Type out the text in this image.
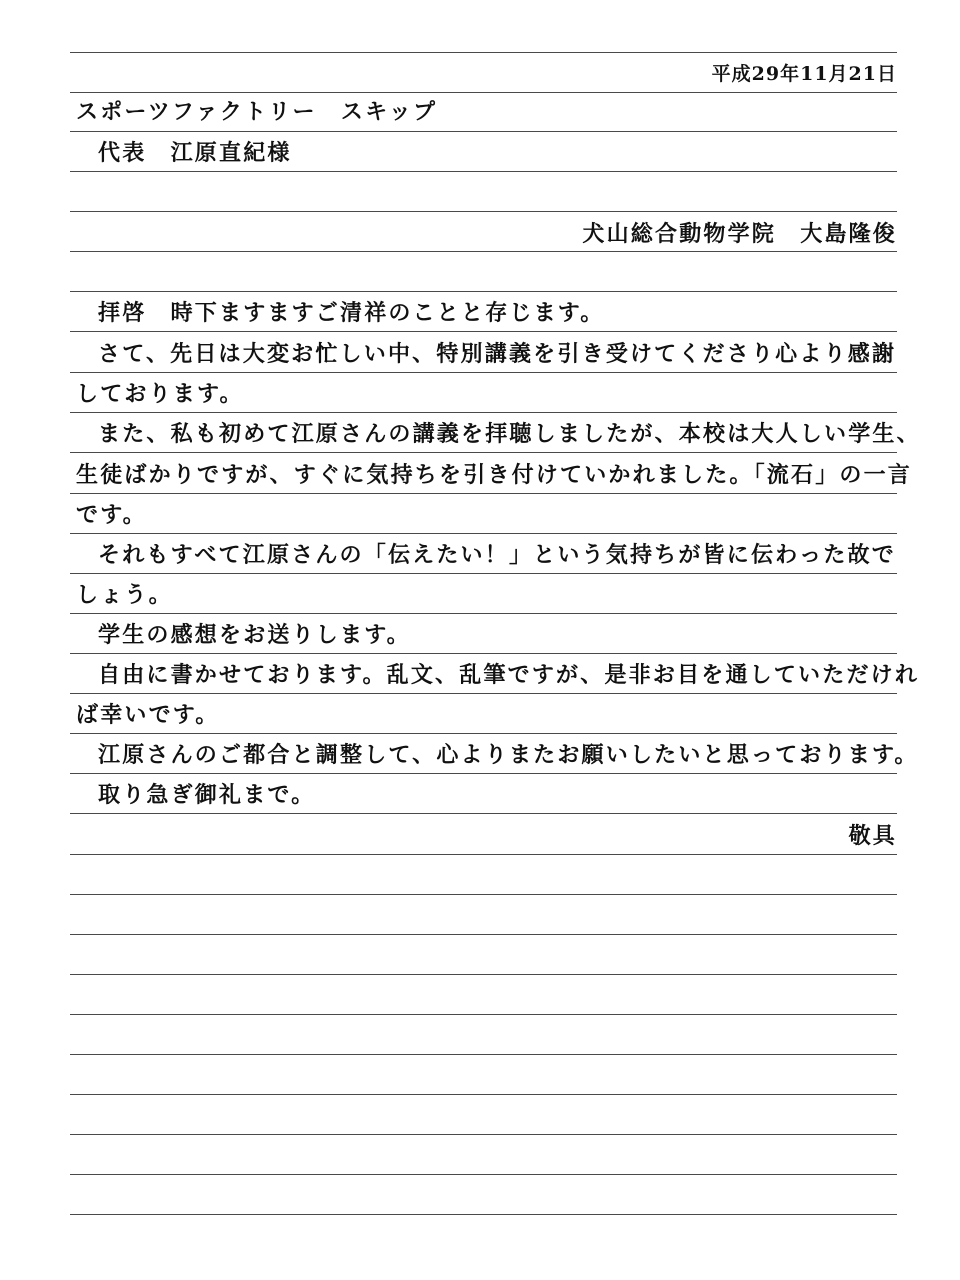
平成29年11月21日
スポーツファクトリー　スキップ
代表　江原直紀様
犬山総合動物学院　大島隆俊
拝啓　時下ますますご清祥のことと存じます。
さて、先日は大変お忙しい中、特別講義を引き受けてくださり心より感謝
しております。
また、私も初めて江原さんの講義を拝聴しましたが、本校は大人しい学生、
生徒ばかりですが、すぐに気持ちを引き付けていかれました。「流石」の一言
です。
それもすべて江原さんの「伝えたい！」という気持ちが皆に伝わった故で
しょう。
学生の感想をお送りします。
自由に書かせております。乱文、乱筆ですが、是非お目を通していただけれ
ば幸いです。
江原さんのご都合と調整して、心よりまたお願いしたいと思っております。
取り急ぎ御礼まで。
敬具
